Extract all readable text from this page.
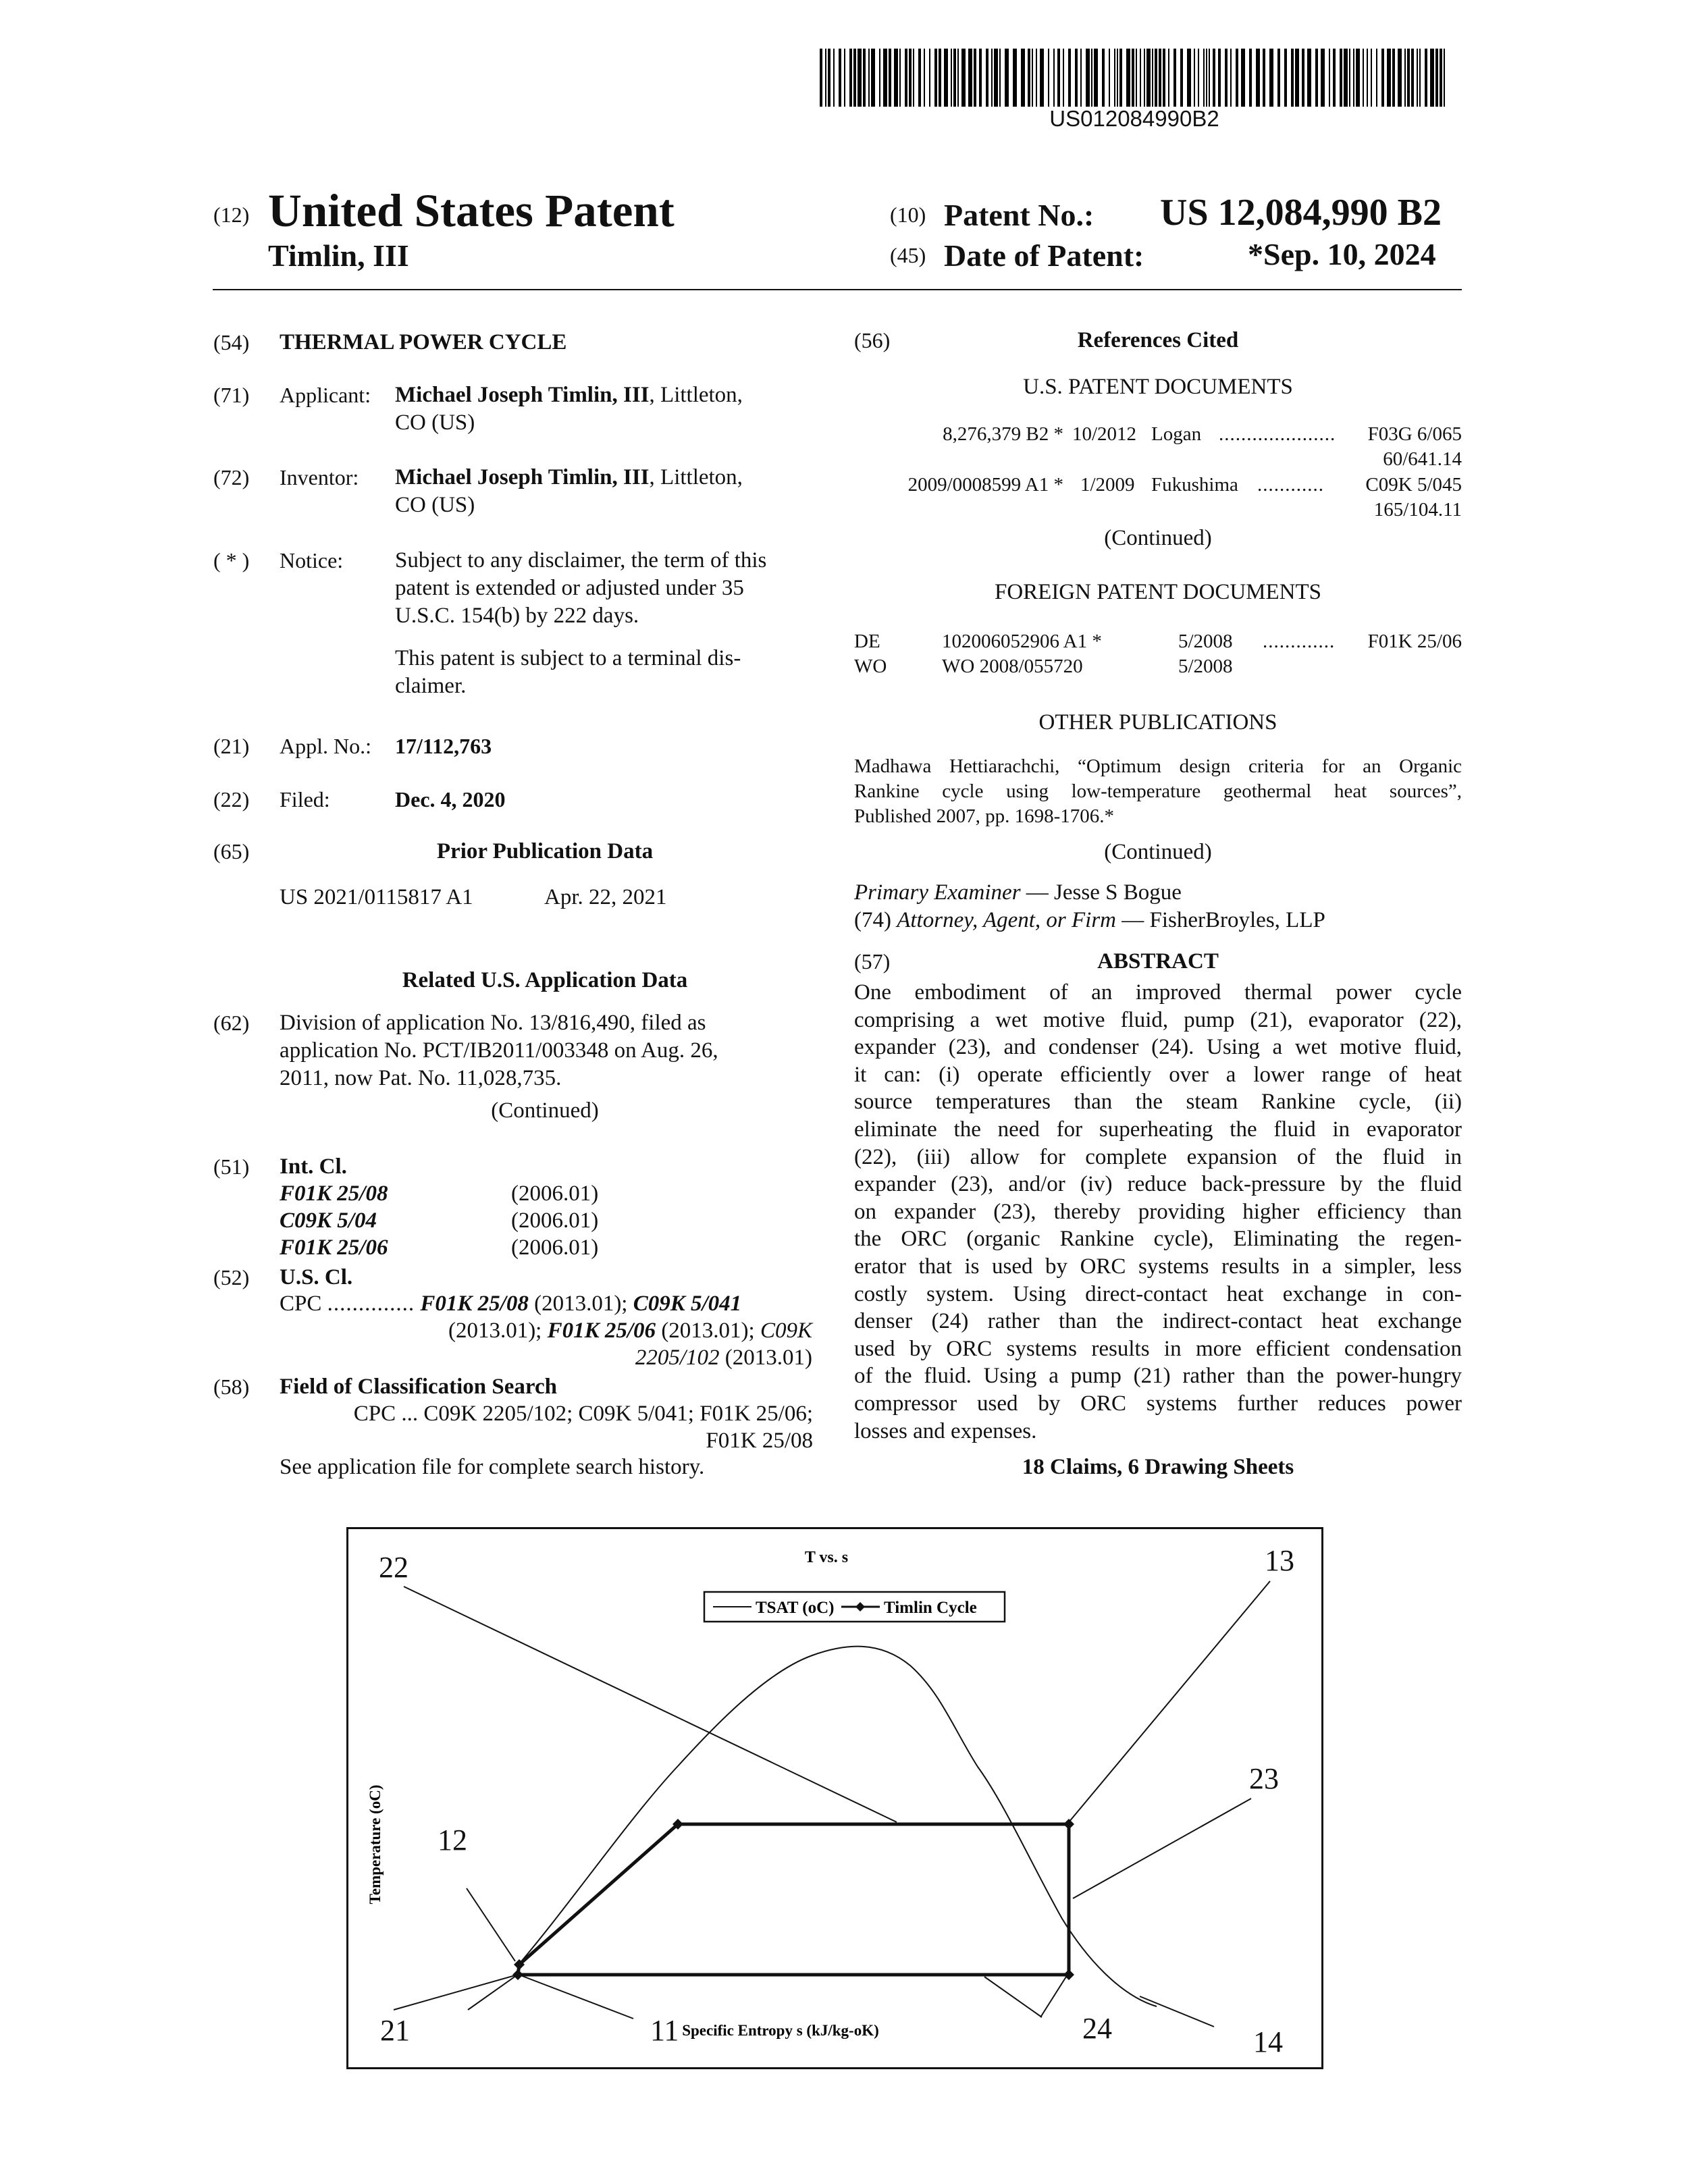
US012084990B2
(12) United States Patent
Timlin, III
(10) Patent No.: US 12,084,990 B2
(45) Date of Patent:	*Sep. 10, 2024
(54) THERMAL POWER CYCLE
(71) Applicant: Michael Joseph Timlin, III, Littleton,
CO (US)
(72) Inventor: Michael Joseph Timlin, III, Littleton,
CO (US)
( * ) Notice: Subject to any disclaimer, the term of this
patent is extended or adjusted under 35
U.S.C. 154(b) by 222 days.
This patent is subject to a terminal dis-
claimer.
(21) Appl. No.: 17/112,763
(22) Filed:	Dec. 4, 2020
(65)	Prior Publication Data
US 2021/0115817 A1	Apr. 22, 2021
Related U.S. Application Data
(62) Division of application No. 13/816,490, filed as
application No. PCT/IB2011/003348 on Aug. 26,
2011, now Pat. No. 11,028,735.
(Continued)
(51) Int. Cl.
F01K 25/08	(2006.01)
C09K 5/04	(2006.01)
F01K 25/06	(2006.01)
(52) U.S. Cl.
CPC .............. F01K 25/08 (2013.01); C09K 5/041
(2013.01); F01K 25/06 (2013.01); C09K
2205/102 (2013.01)
(58) Field of Classification Search
CPC ... C09K 2205/102; C09K 5/041; F01K 25/06;
F01K 25/08
See application file for complete search history.
(56)	References Cited
U.S. PATENT DOCUMENTS
8,276,379 B2 * 10/2012 Logan .....................	F03G 6/065
60/641.14
2009/0008599 A1 * 1/2009 Fukushima ............	C09K 5/045
165/104.11
(Continued)
FOREIGN PATENT DOCUMENTS
DE	102006052906 A1 *	5/2008 .............	F01K 25/06
WO	WO 2008/055720	5/2008
OTHER PUBLICATIONS
Madhawa Hettiarachchi, “Optimum design criteria for an Organic
Rankine cycle using low-temperature geothermal heat sources”,
Published 2007, pp. 1698-1706.*
(Continued)
Primary Examiner — Jesse S Bogue
(74) Attorney, Agent, or Firm — FisherBroyles, LLP
(57)	ABSTRACT
One embodiment of an improved thermal power cycle
comprising a wet motive fluid, pump (21), evaporator (22),
expander (23), and condenser (24). Using a wet motive fluid,
it can: (i) operate efficiently over a lower range of heat
source temperatures than the steam Rankine cycle, (ii)
eliminate the need for superheating the fluid in evaporator
(22), (iii) allow for complete expansion of the fluid in
expander (23), and/or (iv) reduce back-pressure by the fluid
on expander (23), thereby providing higher efficiency than
the ORC (organic Rankine cycle), Eliminating the regen-
erator that is used by ORC systems results in a simpler, less
costly system. Using direct-contact heat exchange in con-
denser (24) rather than the indirect-contact heat exchange
used by ORC systems results in more efficient condensation
of the fluid. Using a pump (21) rather than the power-hungry
compressor used by ORC systems further reduces power
losses and expenses.
18 Claims, 6 Drawing Sheets
T vs. s
TSAT (oC)	Timlin Cycle
Temperature (oC)
Specific Entropy s (kJ/kg-oK)
22	13
12
23
21	11	24	14
